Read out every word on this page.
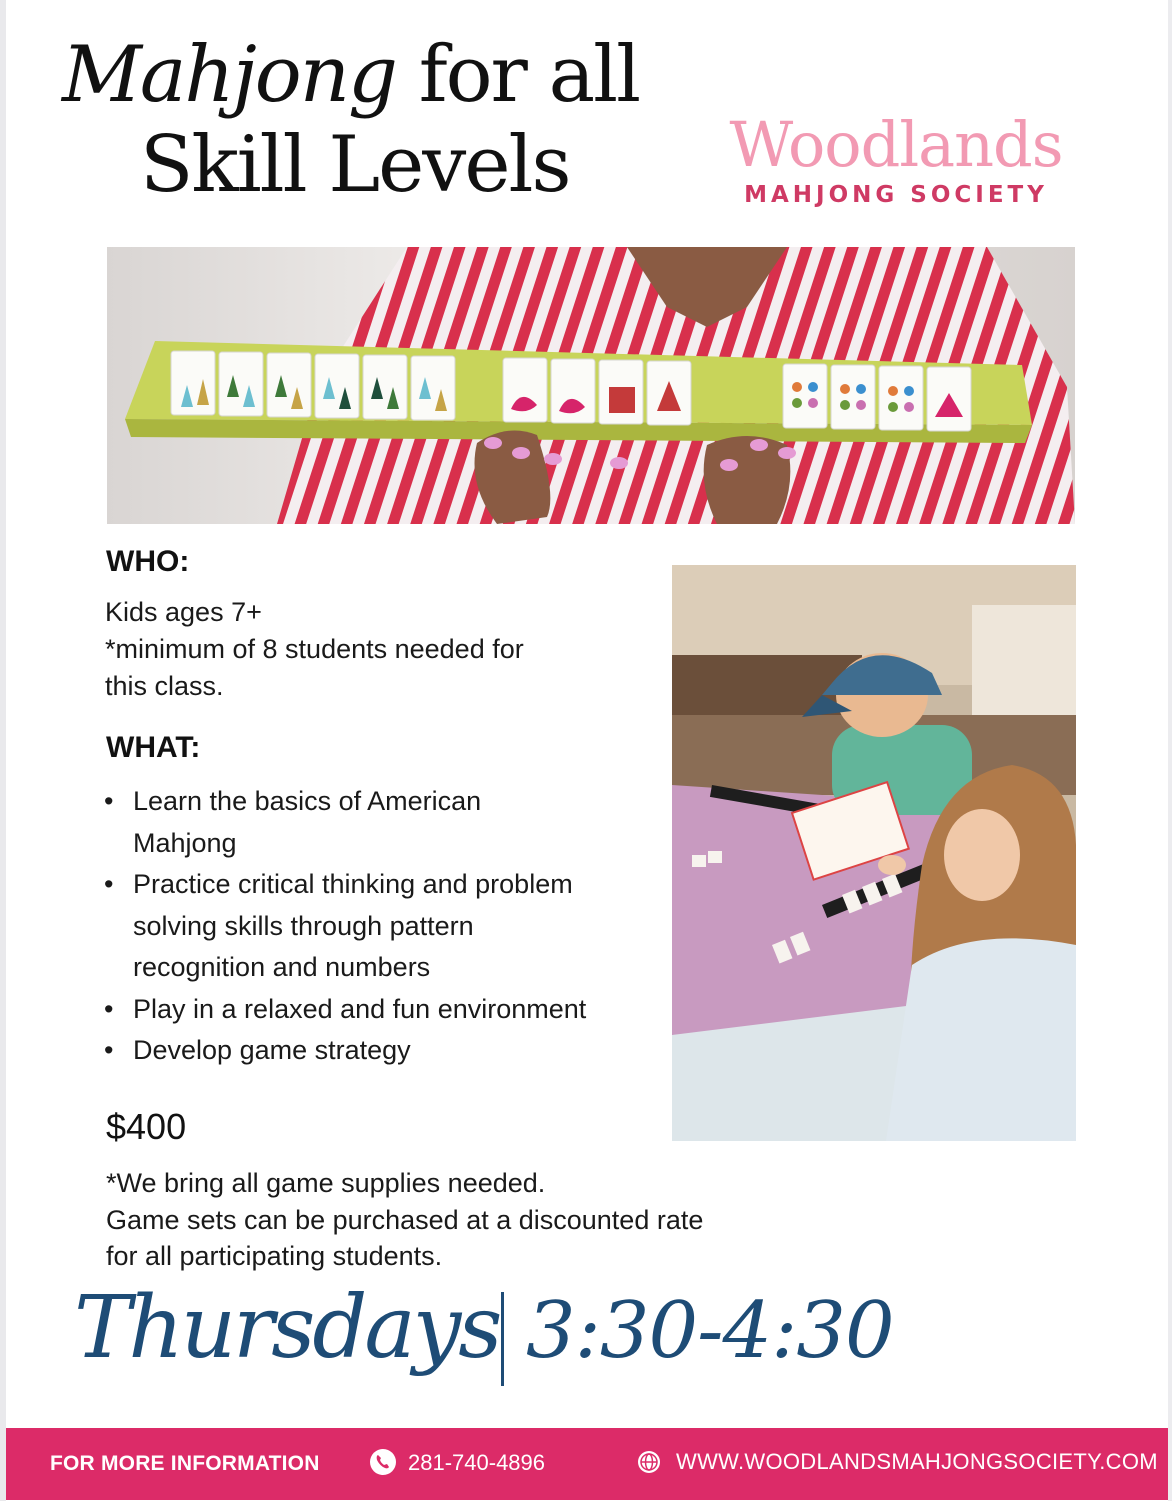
Mahjong for all
Skill Levels	Woodlands
MAHJONG SOCIETY
WHO:
Kids ages 7+
*minimum of 8 students needed for
this class.
WHAT:
• Learn the basics of American
Mahjong
• Practice critical thinking and problem
solving skills through pattern
recognition and numbers
• Play in a relaxed and fun environment
• Develop game strategy
$400
*We bring all game supplies needed.
Game sets can be purchased at a discounted rate
for all participating students.
Thursdays 3:30-4:30
FOR MORE INFORMATION	281-740-4896	WWW.WOODLANDSMAHJONGSOCIETY.COM
